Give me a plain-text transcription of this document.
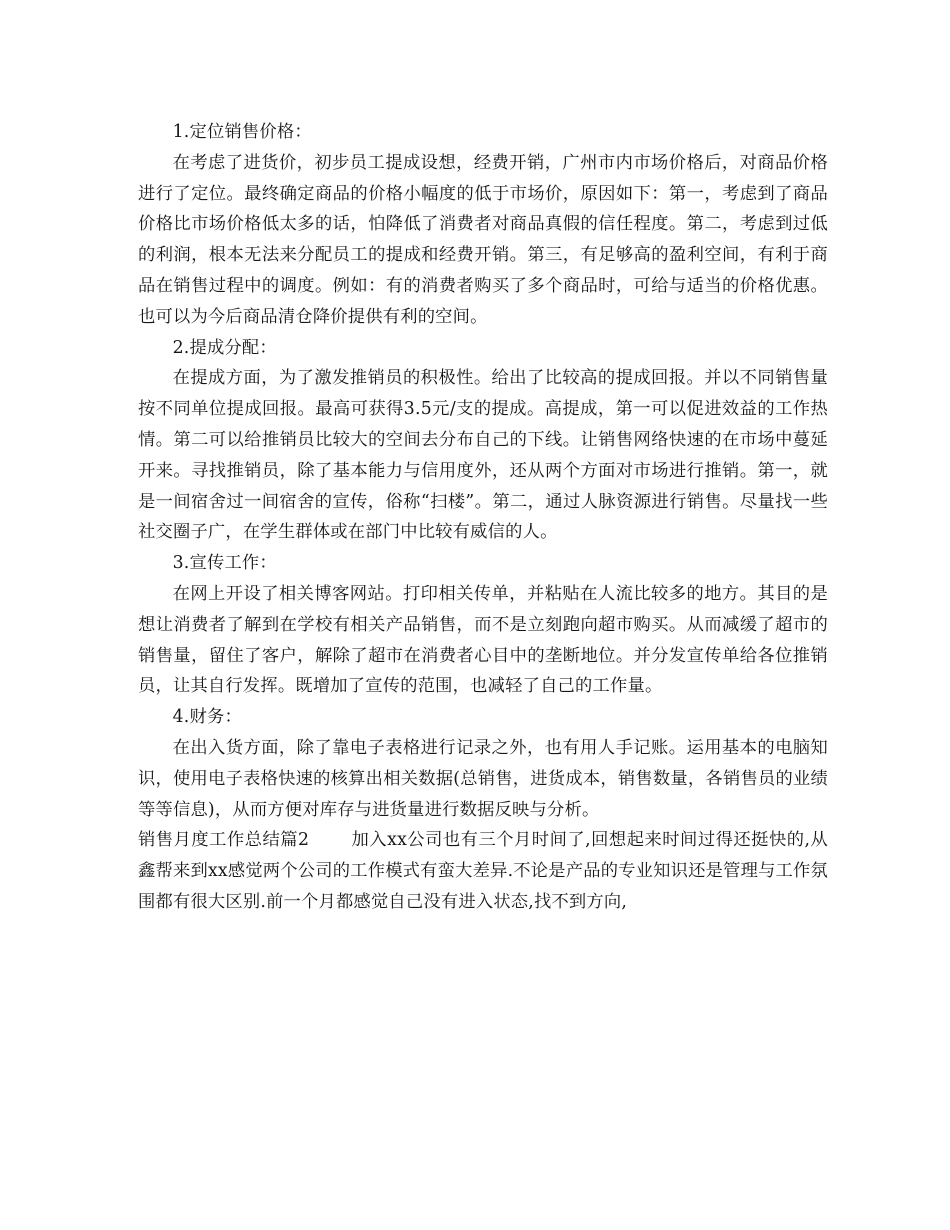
1.定位销售价格：

在考虑了进货价，初步员工提成设想，经费开销，广州市内市场价格后，对商品价格进行了定位。最终确定商品的价格小幅度的低于市场价，原因如下：第一，考虑到了商品价格比市场价格低太多的话，怕降低了消费者对商品真假的信任程度。第二，考虑到过低的利润，根本无法来分配员工的提成和经费开销。第三，有足够高的盈利空间，有利于商品在销售过程中的调度。例如：有的消费者购买了多个商品时，可给与适当的价格优惠。也可以为今后商品清仓降价提供有利的空间。

2.提成分配：

在提成方面，为了激发推销员的积极性。给出了比较高的提成回报。并以不同销售量按不同单位提成回报。最高可获得3.5元/支的提成。高提成，第一可以促进效益的工作热情。第二可以给推销员比较大的空间去分布自己的下线。让销售网络快速的在市场中蔓延开来。寻找推销员，除了基本能力与信用度外，还从两个方面对市场进行推销。第一，就是一间宿舍过一间宿舍的宣传，俗称“扫楼”。第二，通过人脉资源进行销售。尽量找一些社交圈子广，在学生群体或在部门中比较有威信的人。

3.宣传工作：

在网上开设了相关博客网站。打印相关传单，并粘贴在人流比较多的地方。其目的是想让消费者了解到在学校有相关产品销售，而不是立刻跑向超市购买。从而减缓了超市的销售量，留住了客户，解除了超市在消费者心目中的垄断地位。并分发宣传单给各位推销员，让其自行发挥。既增加了宣传的范围，也减轻了自己的工作量。

4.财务：

在出入货方面，除了靠电子表格进行记录之外，也有用人手记账。运用基本的电脑知识，使用电子表格快速的核算出相关数据(总销售，进货成本，销售数量，各销售员的业绩等等信息)，从而方便对库存与进货量进行数据反映与分析。

销售月度工作总结篇2 加入xx公司也有三个月时间了,回想起来时间过得还挺快的,从鑫帮来到xx感觉两个公司的工作模式有蛮大差异.不论是产品的专业知识还是管理与工作氛围都有很大区别.前一个月都感觉自己没有进入状态,找不到方向,
